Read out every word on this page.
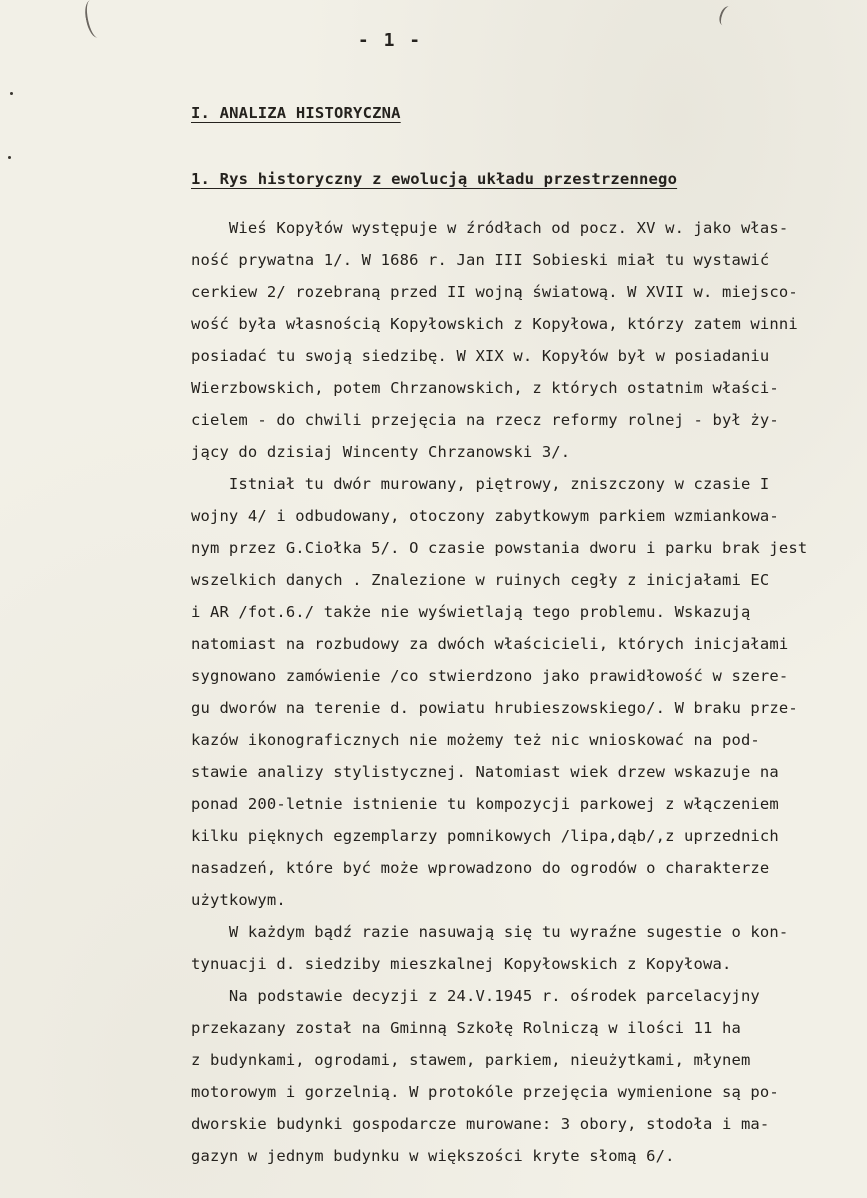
- 1 -
I. ANALIZA HISTORYCZNA
1. Rys historyczny z ewolucją układu przestrzennego
Wieś Kopyłów występuje w źródłach od pocz. XV w. jako włas-
ność prywatna 1/. W 1686 r. Jan III Sobieski miał tu wystawić
cerkiew 2/ rozebraną przed II wojną światową. W XVII w. miejsco-
wość była własnością Kopyłowskich z Kopyłowa, którzy zatem winni
posiadać tu swoją siedzibę. W XIX w. Kopyłów był w posiadaniu
Wierzbowskich, potem Chrzanowskich, z których ostatnim właści-
cielem - do chwili przejęcia na rzecz reformy rolnej - był ży-
jący do dzisiaj Wincenty Chrzanowski 3/.
Istniał tu dwór murowany, piętrowy, zniszczony w czasie I
wojny 4/ i odbudowany, otoczony zabytkowym parkiem wzmiankowa-
nym przez G.Ciołka 5/. O czasie powstania dworu i parku brak jest
wszelkich danych . Znalezione w ruinych cegły z inicjałami EC
i AR /fot.6./ także nie wyświetlają tego problemu. Wskazują
natomiast na rozbudowy za dwóch właścicieli, których inicjałami
sygnowano zamówienie /co stwierdzono jako prawidłowość w szere-
gu dworów na terenie d. powiatu hrubieszowskiego/. W braku prze-
kazów ikonograficznych nie możemy też nic wnioskować na pod-
stawie analizy stylistycznej. Natomiast wiek drzew wskazuje na
ponad 200-letnie istnienie tu kompozycji parkowej z włączeniem
kilku pięknych egzemplarzy pomnikowych /lipa,dąb/,z uprzednich
nasadzeń, które być może wprowadzono do ogrodów o charakterze
użytkowym.
W każdym bądź razie nasuwają się tu wyraźne sugestie o kon-
tynuacji d. siedziby mieszkalnej Kopyłowskich z Kopyłowa.
Na podstawie decyzji z 24.V.1945 r. ośrodek parcelacyjny
przekazany został na Gminną Szkołę Rolniczą w ilości 11 ha
z budynkami, ogrodami, stawem, parkiem, nieużytkami, młynem
motorowym i gorzelnią. W protokóle przejęcia wymienione są po-
dworskie budynki gospodarcze murowane: 3 obory, stodoła i ma-
gazyn w jednym budynku w większości kryte słomą 6/.
